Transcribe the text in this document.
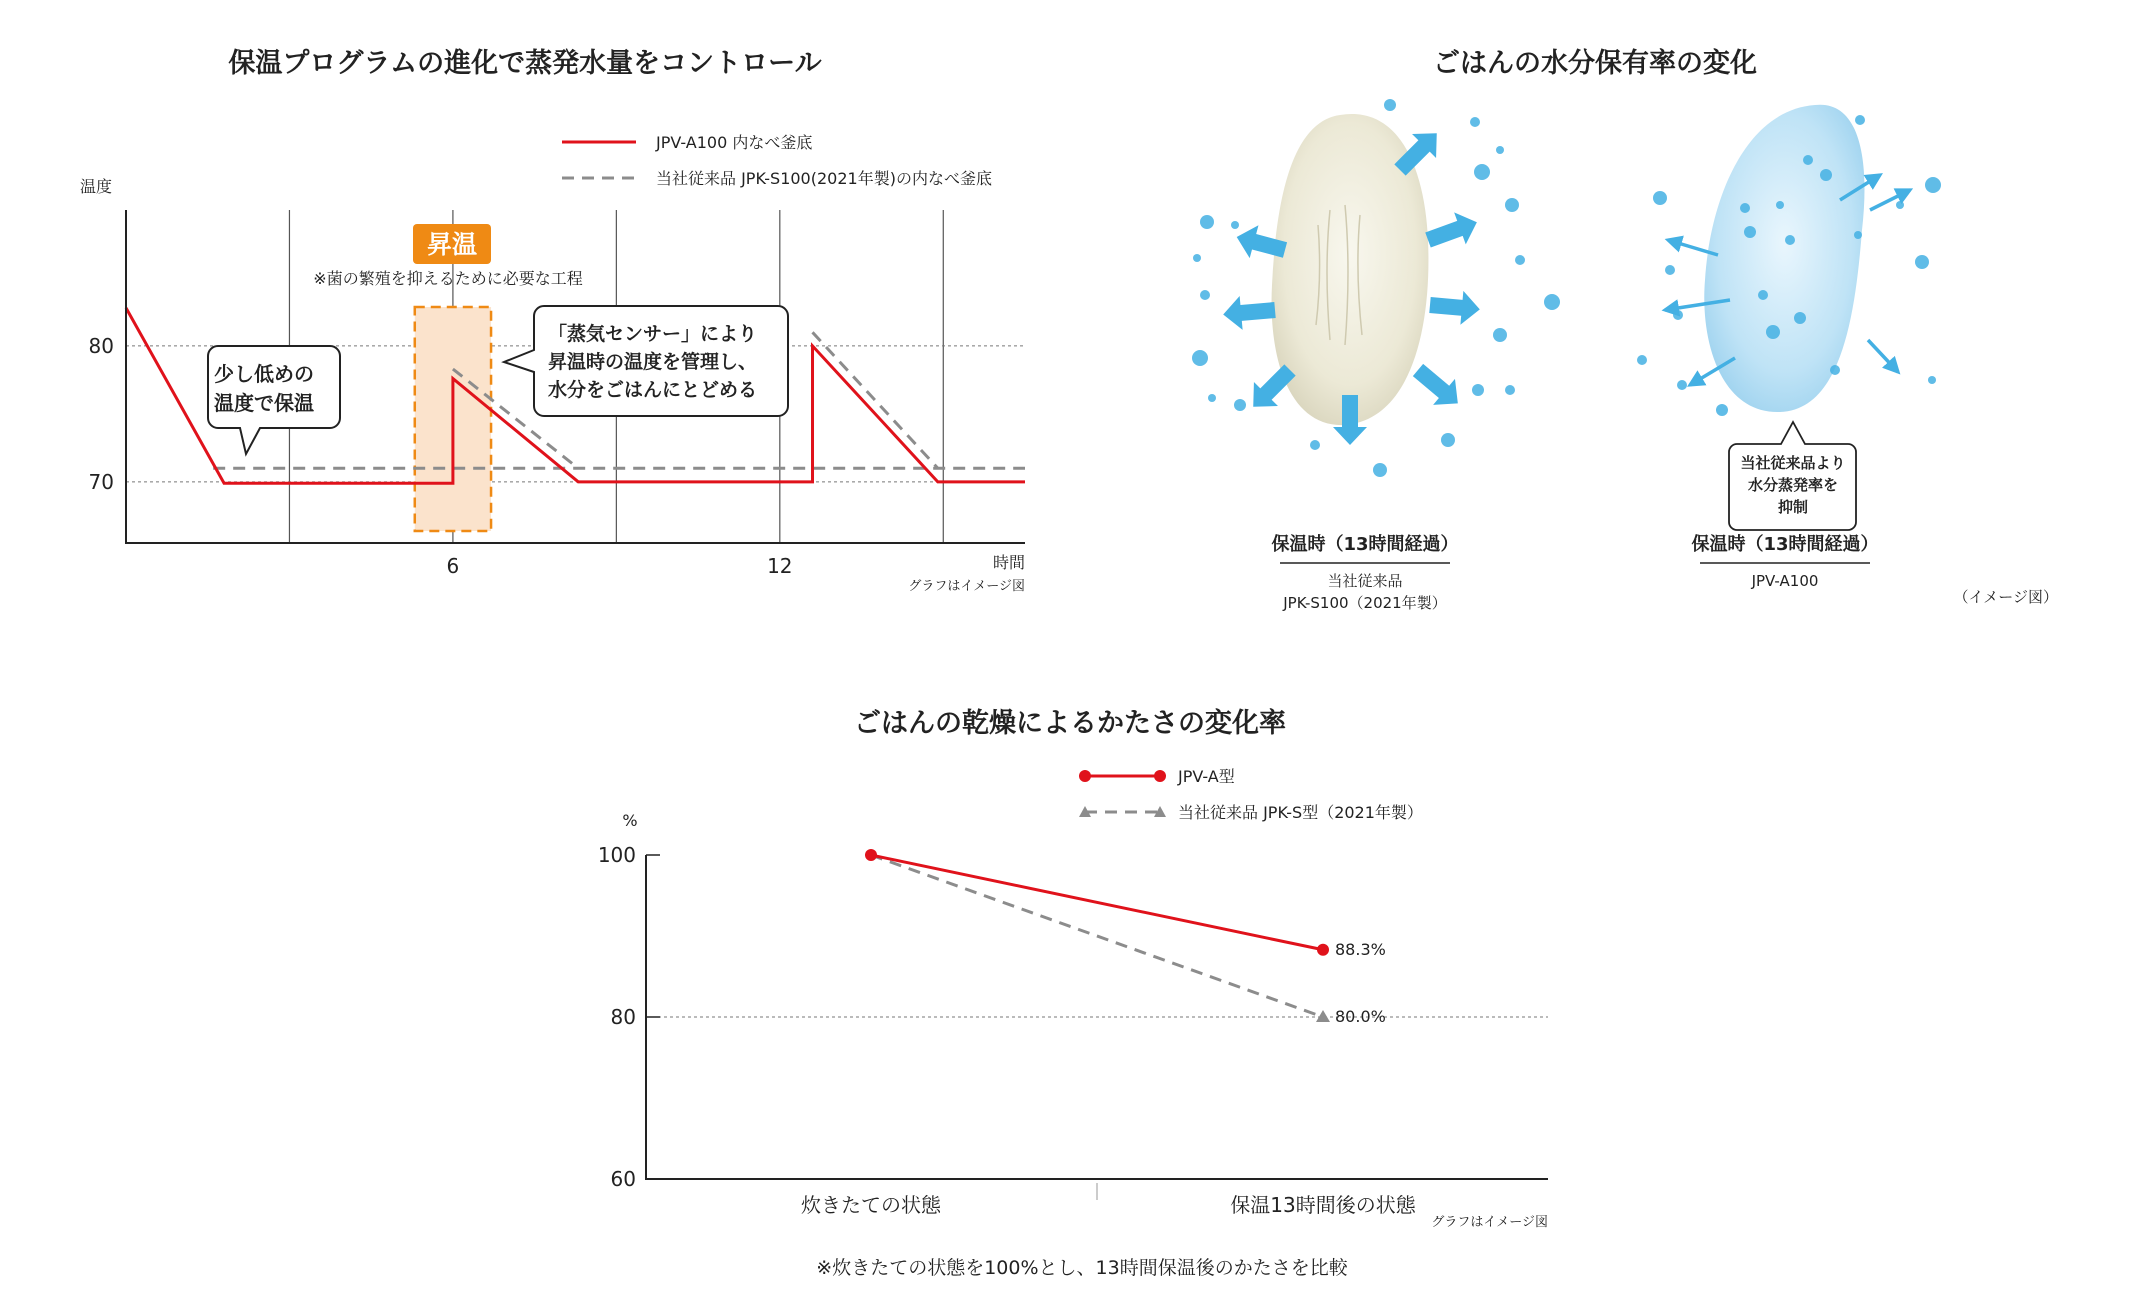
保温プログラムの進化で蒸発水量をコントロール
JPV-A100 内なべ釜底
当社従来品 JPK-S100(2021年製)の内なべ釜底
温度
昇温
※菌の繁殖を抑えるために必要な工程
70
80
6	12	時間
グラフはイメージ図
少し低めの
温度で保温
「蒸気センサー」により
昇温時の温度を管理し、
水分をごはんにとどめる
ごはんの水分保有率の変化
当社従来品より
水分蒸発率を
抑制
保温時（13時間経過）
当社従来品
JPK-S100（2021年製）
保温時（13時間経過）
JPV-A100
（イメージ図）
ごはんの乾燥によるかたさの変化率
JPV-A型
当社従来品 JPK-S型（2021年製）
%
60
80
100
炊きたての状態	保温13時間後の状態
80.0%
88.3%
グラフはイメージ図
※炊きたての状態を100%とし、13時間保温後のかたさを比較
